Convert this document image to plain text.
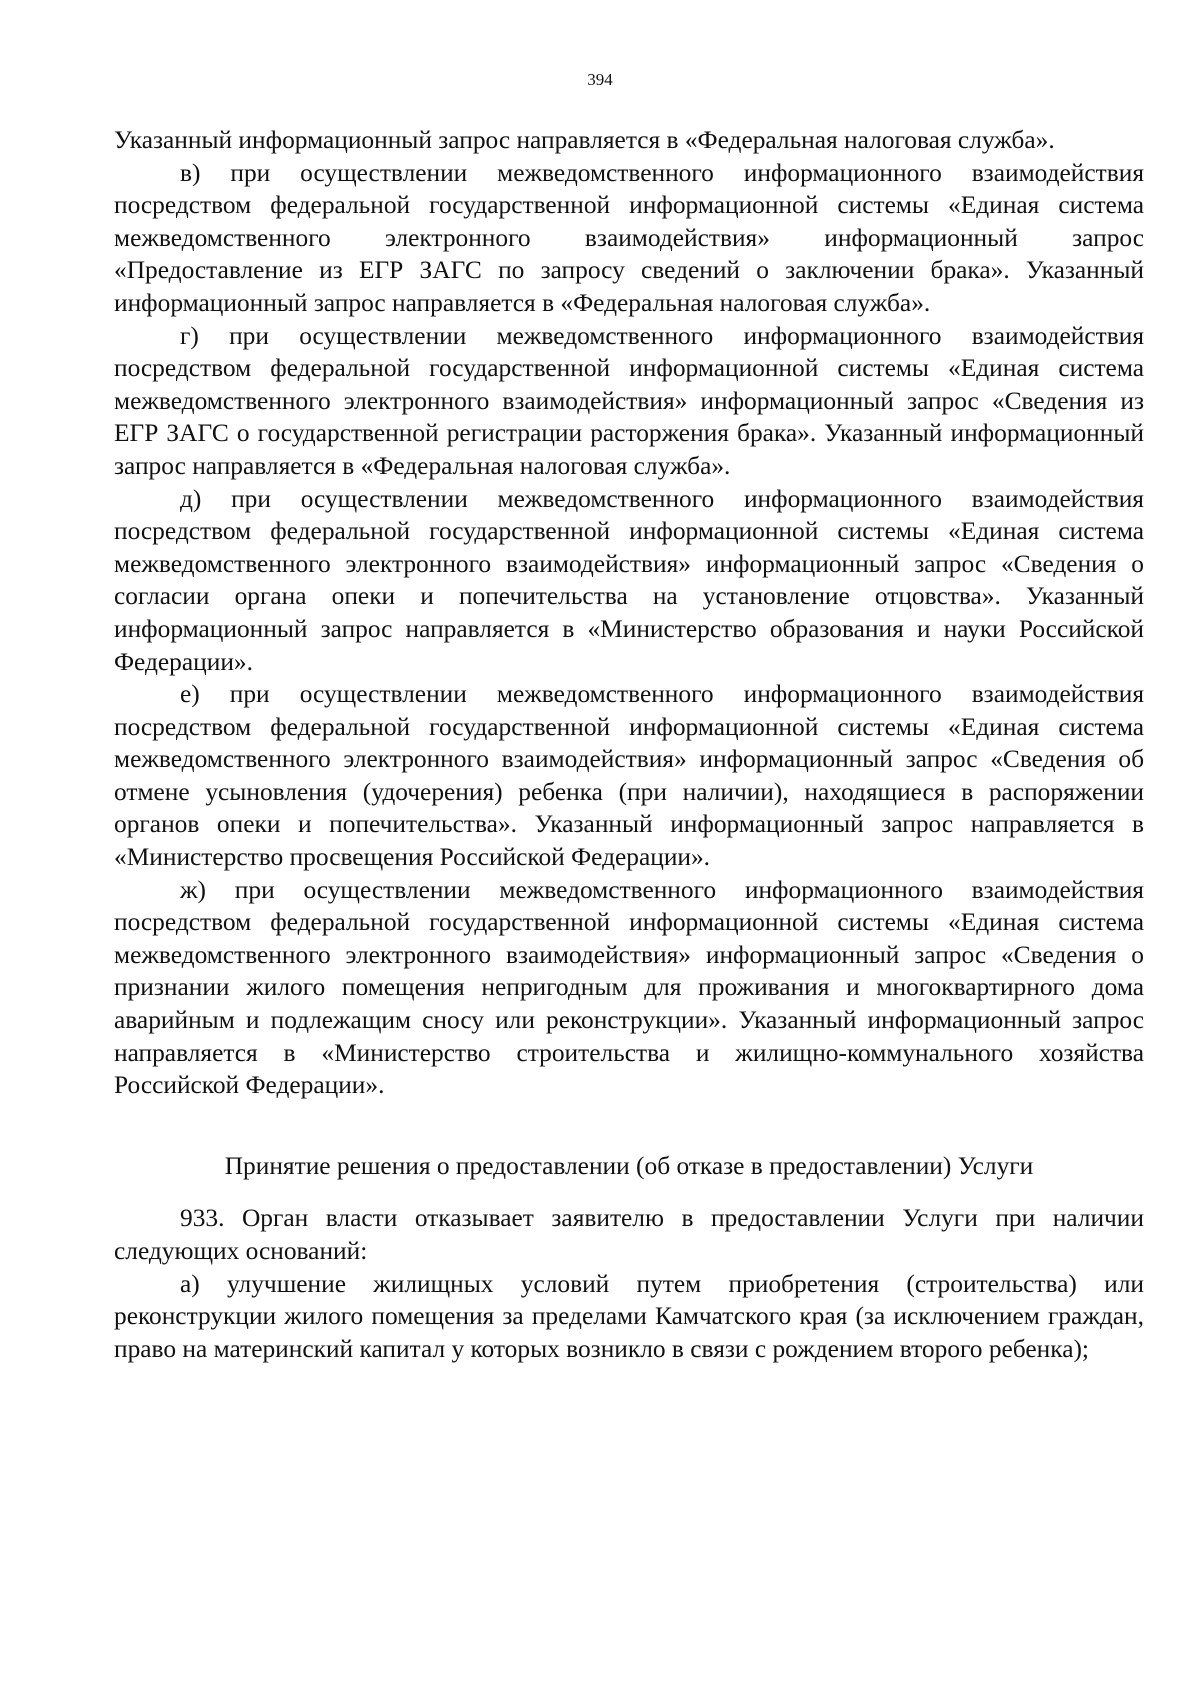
394

Указанный информационный запрос направляется в «Федеральная налоговая служба».

в) при осуществлении межведомственного информационного взаимодействия посредством федеральной государственной информационной системы «Единая система межведомственного электронного взаимодействия» информационный запрос «Предоставление из ЕГР ЗАГС по запросу сведений о заключении брака». Указанный информационный запрос направляется в «Федеральная налоговая служба».

г) при осуществлении межведомственного информационного взаимодействия посредством федеральной государственной информационной системы «Единая система межведомственного электронного взаимодействия» информационный запрос «Сведения из ЕГР ЗАГС о государственной регистрации расторжения брака». Указанный информационный запрос направляется в «Федеральная налоговая служба».

д) при осуществлении межведомственного информационного взаимодействия посредством федеральной государственной информационной системы «Единая система межведомственного электронного взаимодействия» информационный запрос «Сведения о согласии органа опеки и попечительства на установление отцовства». Указанный информационный запрос направляется в «Министерство образования и науки Российской Федерации».

е) при осуществлении межведомственного информационного взаимодействия посредством федеральной государственной информационной системы «Единая система межведомственного электронного взаимодействия» информационный запрос «Сведения об отмене усыновления (удочерения) ребенка (при наличии), находящиеся в распоряжении органов опеки и попечительства». Указанный информационный запрос направляется в «Министерство просвещения Российской Федерации».

ж) при осуществлении межведомственного информационного взаимодействия посредством федеральной государственной информационной системы «Единая система межведомственного электронного взаимодействия» информационный запрос «Сведения о признании жилого помещения непригодным для проживания и многоквартирного дома аварийным и подлежащим сносу или реконструкции». Указанный информационный запрос направляется в «Министерство строительства и жилищно-коммунального хозяйства Российской Федерации».

Принятие решения о предоставлении (об отказе в предоставлении) Услуги

933. Орган власти отказывает заявителю в предоставлении Услуги при наличии следующих оснований:

а) улучшение жилищных условий путем приобретения (строительства) или реконструкции жилого помещения за пределами Камчатского края (за исключением граждан, право на материнский капитал у которых возникло в связи с рождением второго ребенка);
